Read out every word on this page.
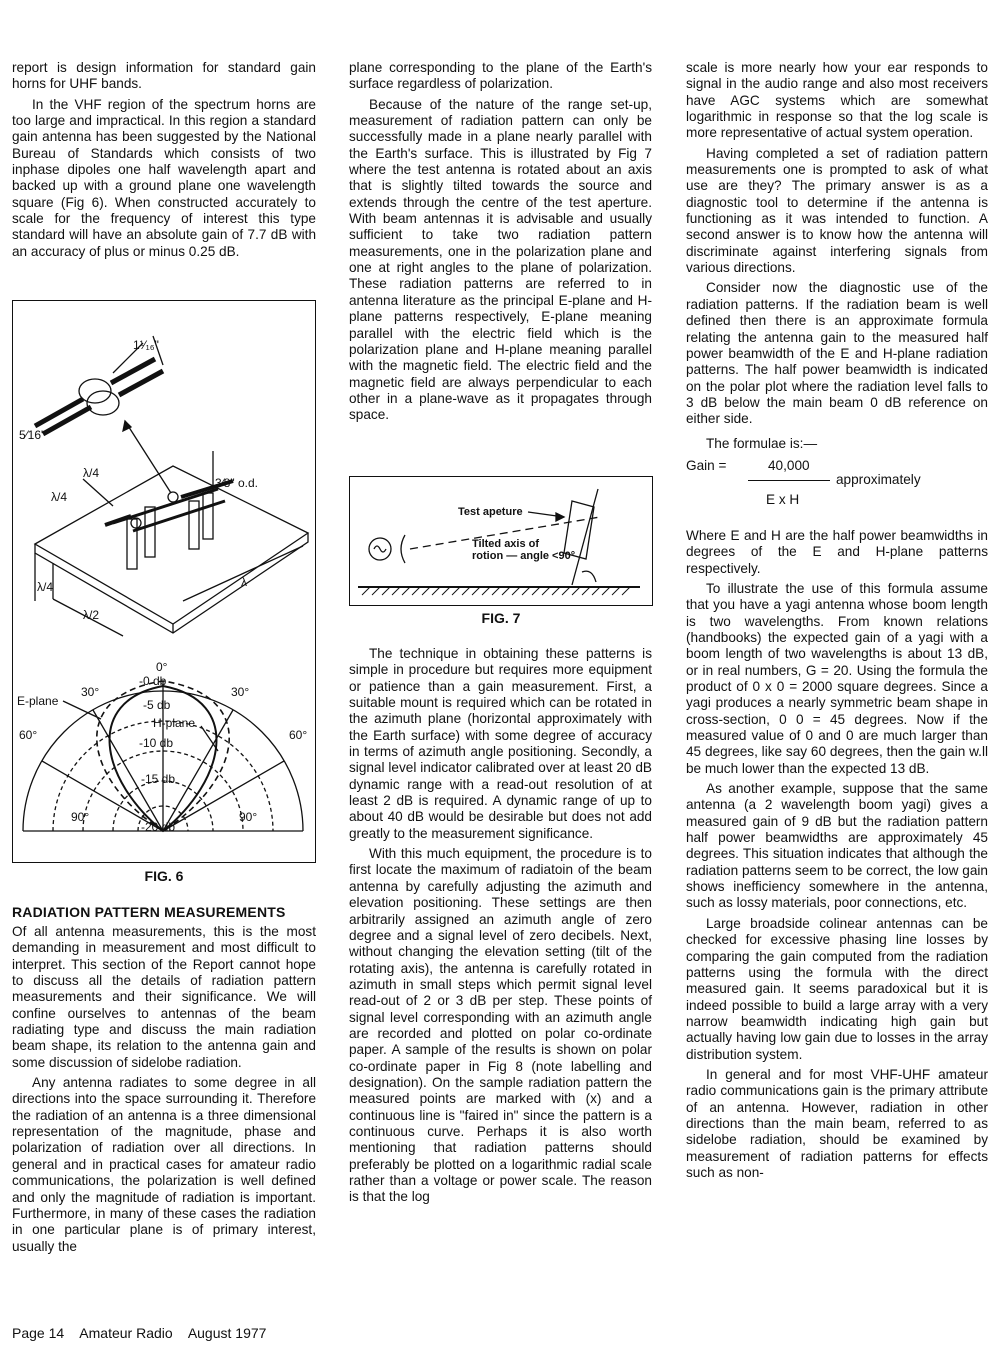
report is design information for standard gain horns for UHF bands.

In the VHF region of the spectrum horns are too large and impractical. In this region a standard gain antenna has been suggested by the National Bureau of Standards which consists of two inphase dipoles one half wavelength apart and backed up with a ground plane one wavelength square (Fig 6). When constructed accurately to scale for the frequency of interest this type standard will have an absolute gain of 7.7 dB with an accuracy of plus or minus 0.25 dB.

1¹⁄₁₆"
5⁄16"
3⁄8" o.d.
λ/4
λ/4
λ/4
λ/2
λ
0°
30°	30°
60°	60°
90°	90°
-0 db
-5 db
-10 db
-15 db
-20 db
E-plane
H-plane
FIG. 6
RADIATION PATTERN MEASUREMENTS

Of all antenna measurements, this is the most demanding in measurement and most difficult to interpret. This section of the Report cannot hope to discuss all the details of radiation pattern measurements and their significance. We will confine ourselves to antennas of the beam radiating type and discuss the main radiation beam shape, its relation to the antenna gain and some discussion of sidelobe radiation.

Any antenna radiates to some degree in all directions into the space surrounding it. Therefore the radiation of an antenna is a three dimensional representation of the magnitude, phase and polarization of radiation over all directions. In general and in practical cases for amateur radio communications, the polarization is well defined and only the magnitude of radiation is important. Furthermore, in many of these cases the radiation in one particular plane is of primary interest, usually the

plane corresponding to the plane of the Earth's surface regardless of polarization.

Because of the nature of the range set-up, measurement of radiation pattern can only be successfully made in a plane nearly parallel with the Earth's surface. This is illustrated by Fig 7 where the test antenna is rotated about an axis that is slightly tilted towards the source and extends through the centre of the test aperture. With beam antennas it is advisable and usually sufficient to take two radiation pattern measurements, one in the polarization plane and one at right angles to the plane of polarization. These radiation patterns are referred to in antenna literature as the principal E-plane and H-plane patterns respectively, E-plane meaning parallel with the electric field which is the polarization plane and H-plane meaning parallel with the magnetic field. The electric field and the magnetic field are always perpendicular to each other in a plane-wave as it propagates through space.

Test apeture
Tilted axis of
rotion — angle <90°
FIG. 7

The technique in obtaining these patterns is simple in procedure but requires more equipment or patience than a gain measurement. First, a suitable mount is required which can be rotated in the azimuth plane (horizontal approximately with the Earth surface) with some degree of accuracy in terms of azimuth angle positioning. Secondly, a signal level indicator calibrated over at least 20 dB dynamic range with a read-out resolution of at least 2 dB is required. A dynamic range of up to about 40 dB would be desirable but does not add greatly to the measurement significance.

With this much equipment, the procedure is to first locate the maximum of radiatoin of the beam antenna by carefully adjusting the azimuth and elevation positioning. These settings are then arbitrarily assigned an azimuth angle of zero degree and a signal level of zero decibels. Next, without changing the elevation setting (tilt of the rotating axis), the antenna is carefully rotated in azimuth in small steps which permit signal level read-out of 2 or 3 dB per step. These points of signal level corresponding with an azimuth angle are recorded and plotted on polar co-ordinate paper. A sample of the results is shown on polar co-ordinate paper in Fig 8 (note labelling and designation). On the sample radiation pattern the measured points are marked with (x) and a continuous line is "faired in" since the pattern is a continuous curve. Perhaps it is also worth mentioning that radiation patterns should preferably be plotted on a logarithmic radial scale rather than a voltage or power scale. The reason is that the log

scale is more nearly how your ear responds to signal in the audio range and also most receivers have AGC systems which are somewhat logarithmic in response so that the log scale is more representative of actual system operation.

Having completed a set of radiation pattern measurements one is prompted to ask of what use are they? The primary answer is as a diagnostic tool to determine if the antenna is functioning as it was intended to function. A second answer is to know how the antenna will discriminate against interfering signals from various directions.

Consider now the diagnostic use of the radiation patterns. If the radiation beam is well defined then there is an approximate formula relating the antenna gain to the measured half power beamwidth of the E and H-plane radiation patterns. The half power beamwidth is indicated on the polar plot where the radiation level falls to 3 dB below the main beam 0 dB reference on either side.

The formulae is:—

Gain =	40,000
approximately
E x H

Where E and H are the half power beamwidths in degrees of the E and H-plane patterns respectively.

To illustrate the use of this formula assume that you have a yagi antenna whose boom length is two wavelengths. From known relations (handbooks) the expected gain of a yagi with a boom length of two wavelengths is about 13 dB, or in real numbers, G = 20. Using the formula the product of 0 x 0 = 2000 square degrees. Since a yagi produces a nearly symmetric beam shape in cross-section, 0 0 = 45 degrees. Now if the measured value of 0 and 0 are much larger than 45 degrees, like say 60 degrees, then the gain w.ll be much lower than the expected 13 dB.

As another example, suppose that the same antenna (a 2 wavelength boom yagi) gives a measured gain of 9 dB but the radiation pattern half power beamwidths are approximately 45 degrees. This situation indicates that although the radiation patterns seem to be correct, the low gain shows inefficiency somewhere in the antenna, such as lossy materials, poor connections, etc.

Large broadside colinear antennas can be checked for excessive phasing line losses by comparing the gain computed from the radiation patterns using the formula with the direct measured gain. It seems paradoxical but it is indeed possible to build a large array with a very narrow beamwidth indicating high gain but actually having low gain due to losses in the array distribution system.

In general and for most VHF-UHF amateur radio communications gain is the primary attribute of an antenna. However, radiation in other directions than the main beam, referred to as sidelobe radiation, should be examined by measurement of radiation patterns for effects such as non-

Page 14 Amateur Radio August 1977
